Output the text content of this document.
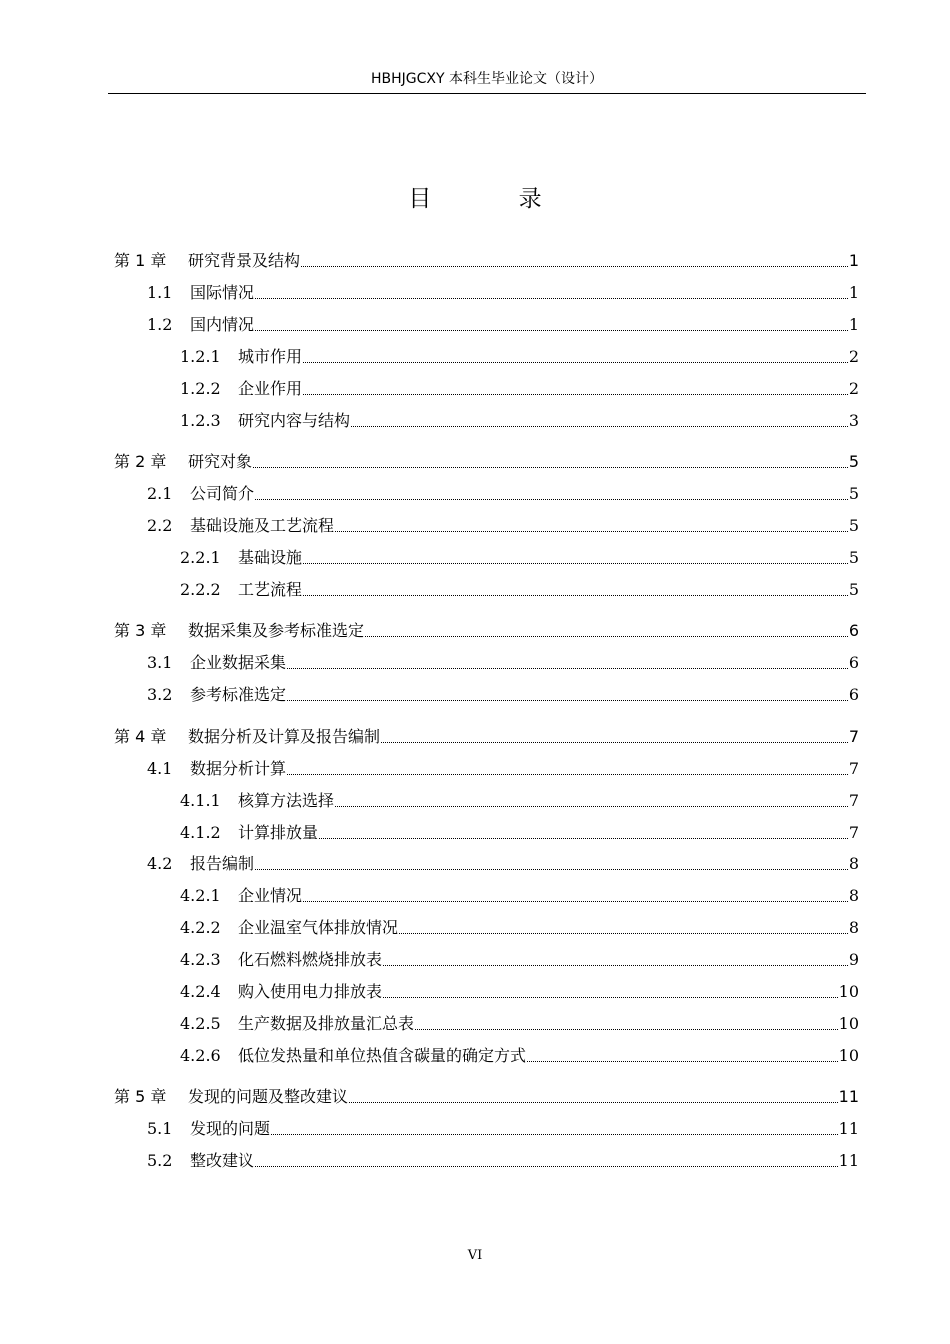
HBHJGCXY 本科生毕业论文（设计）
目 录
第 1 章	研究背景及结构	1
1.1	国际情况	1
1.2	国内情况	1
1.2.1	城市作用	2
1.2.2	企业作用	2
1.2.3	研究内容与结构	3
第 2 章	研究对象	5
2.1	公司简介	5
2.2	基础设施及工艺流程	5
2.2.1	基础设施	5
2.2.2	工艺流程	5
第 3 章	数据采集及参考标准选定	6
3.1	企业数据采集	6
3.2	参考标准选定	6
第 4 章	数据分析及计算及报告编制	7
4.1	数据分析计算	7
4.1.1	核算方法选择	7
4.1.2	计算排放量	7
4.2	报告编制	8
4.2.1	企业情况	8
4.2.2	企业温室气体排放情况	8
4.2.3	化石燃料燃烧排放表	9
4.2.4	购入使用电力排放表	10
4.2.5	生产数据及排放量汇总表	10
4.2.6	低位发热量和单位热值含碳量的确定方式	10
第 5 章	发现的问题及整改建议	11
5.1	发现的问题	11
5.2	整改建议	11
VI
